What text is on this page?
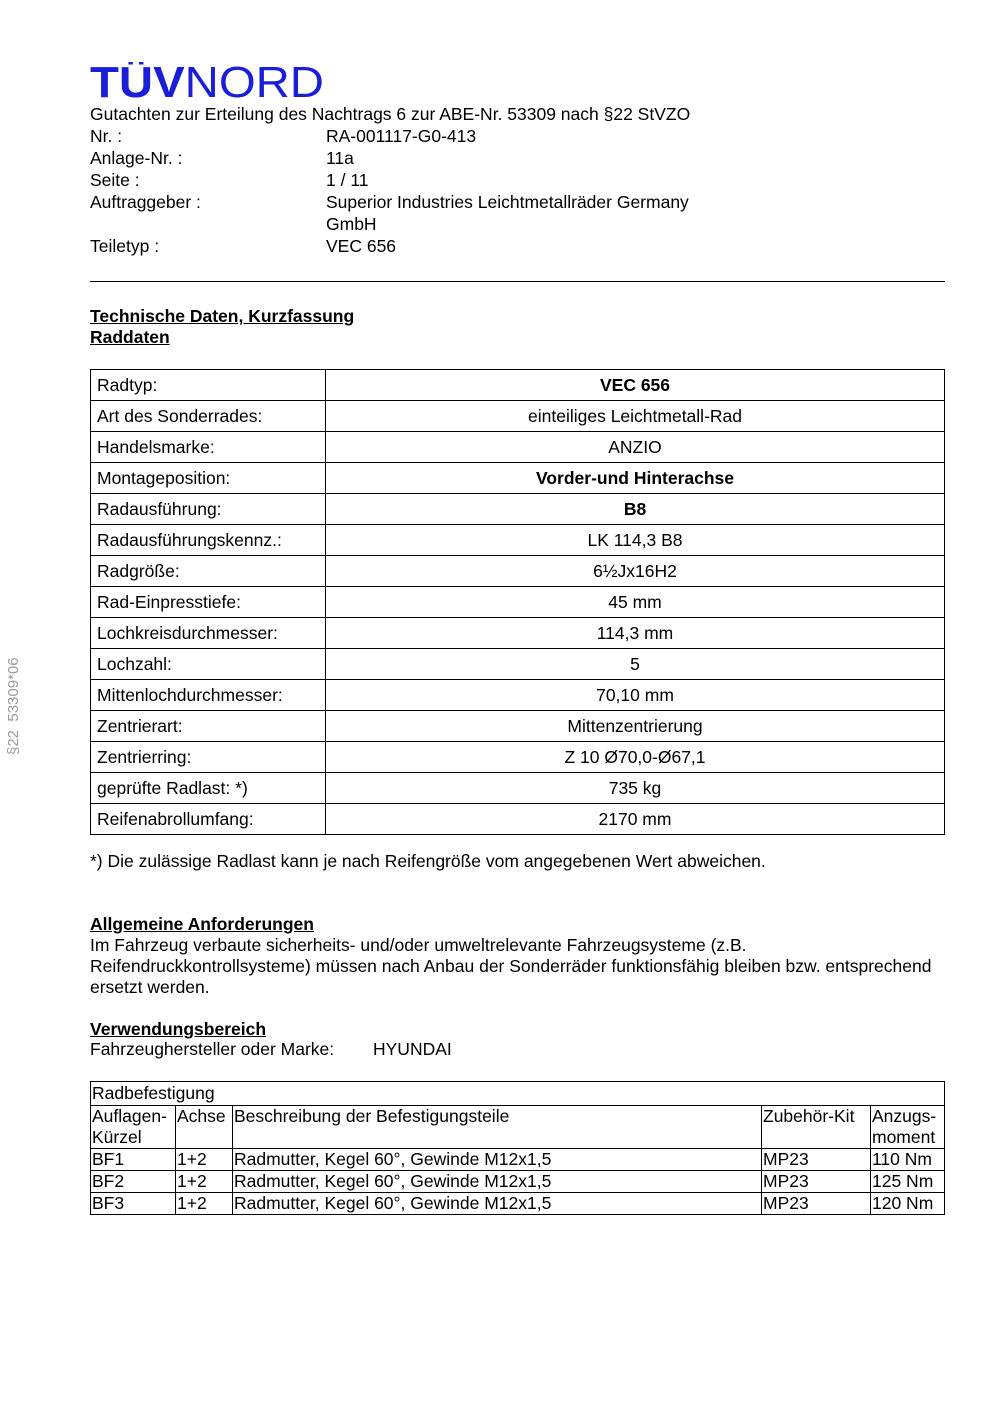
TÜV NORD
Gutachten zur Erteilung des Nachtrags 6 zur ABE-Nr. 53309 nach §22 StVZO
Nr. :	RA-001117-G0-413
Anlage-Nr. :	11a
Seite :	1 / 11
Auftraggeber :	Superior Industries Leichtmetallräder Germany GmbH
Teiletyp :	VEC 656
§22  53309*06
Technische Daten, Kurzfassung
Raddaten
Radtyp:	VEC 656
Art des Sonderrades:	einteiliges Leichtmetall-Rad
Handelsmarke:	ANZIO
Montageposition:	Vorder-und Hinterachse
Radausführung:	B8
Radausführungskennz.:	LK 114,3 B8
Radgröße:	6½Jx16H2
Rad-Einpresstiefe:	45 mm
Lochkreisdurchmesser:	114,3 mm
Lochzahl:	5
Mittenlochdurchmesser:	70,10 mm
Zentrierart:	Mittenzentrierung
Zentrierring:	Z 10 Ø70,0-Ø67,1
geprüfte Radlast: *)	735 kg
Reifenabrollumfang:	2170 mm
*) Die zulässige Radlast kann je nach Reifengröße vom angegebenen Wert abweichen.
Allgemeine Anforderungen
Im Fahrzeug verbaute sicherheits- und/oder umweltrelevante Fahrzeugsysteme (z.B. Reifendruckkontrollsysteme) müssen nach Anbau der Sonderräder funktionsfähig bleiben bzw. entsprechend ersetzt werden.
Verwendungsbereich
Fahrzeughersteller oder Marke: HYUNDAI
Radbefestigung				
Auflagen-Kürzel	Achse	Beschreibung der Befestigungsteile	Zubehör-Kit	Anzugs-moment
BF1	1+2	Radmutter, Kegel 60°, Gewinde M12x1,5	MP23	110 Nm
BF2	1+2	Radmutter, Kegel 60°, Gewinde M12x1,5	MP23	125 Nm
BF3	1+2	Radmutter, Kegel 60°, Gewinde M12x1,5	MP23	120 Nm
